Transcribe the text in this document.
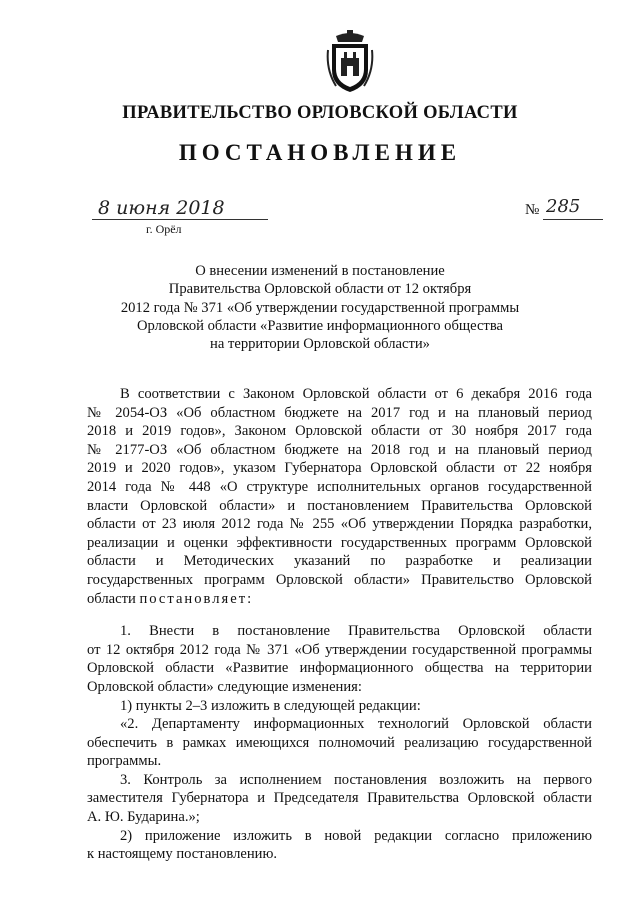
ПРАВИТЕЛЬСТВО ОРЛОВСКОЙ ОБЛАСТИ
ПОСТАНОВЛЕНИЕ
8 июня 2018	№ 285
г. Орёл
О внесении изменений в постановление
Правительства Орловской области от 12 октября
2012 года № 371 «Об утверждении государственной программы
Орловской области «Развитие информационного общества
на территории Орловской области»

В соответствии с Законом Орловской области от 6 декабря 2016 года
№ 2054-ОЗ «Об областном бюджете на 2017 год и на плановый период
2018 и 2019 годов», Законом Орловской области от 30 ноября 2017 года
№ 2177-ОЗ «Об областном бюджете на 2018 год и на плановый период
2019 и 2020 годов», указом Губернатора Орловской области от 22 ноября
2014 года № 448 «О структуре исполнительных органов государственной
власти Орловской области» и постановлением Правительства Орловской
области от 23 июля 2012 года № 255 «Об утверждении Порядка разработки,
реализации и оценки эффективности государственных программ Орловской
области и Методических указаний по разработке и реализации
государственных программ Орловской области» Правительство Орловской
области постановляет:

1. Внести в постановление Правительства Орловской области
от 12 октября 2012 года № 371 «Об утверждении государственной программы
Орловской области «Развитие информационного общества на территории
Орловской области» следующие изменения:

1) пункты 2–3 изложить в следующей редакции:

«2. Департаменту информационных технологий Орловской области
обеспечить в рамках имеющихся полномочий реализацию государственной
программы.

3. Контроль за исполнением постановления возложить на первого
заместителя Губернатора и Председателя Правительства Орловской области
А. Ю. Бударина.»;

2) приложение изложить в новой редакции согласно приложению
к настоящему постановлению.
